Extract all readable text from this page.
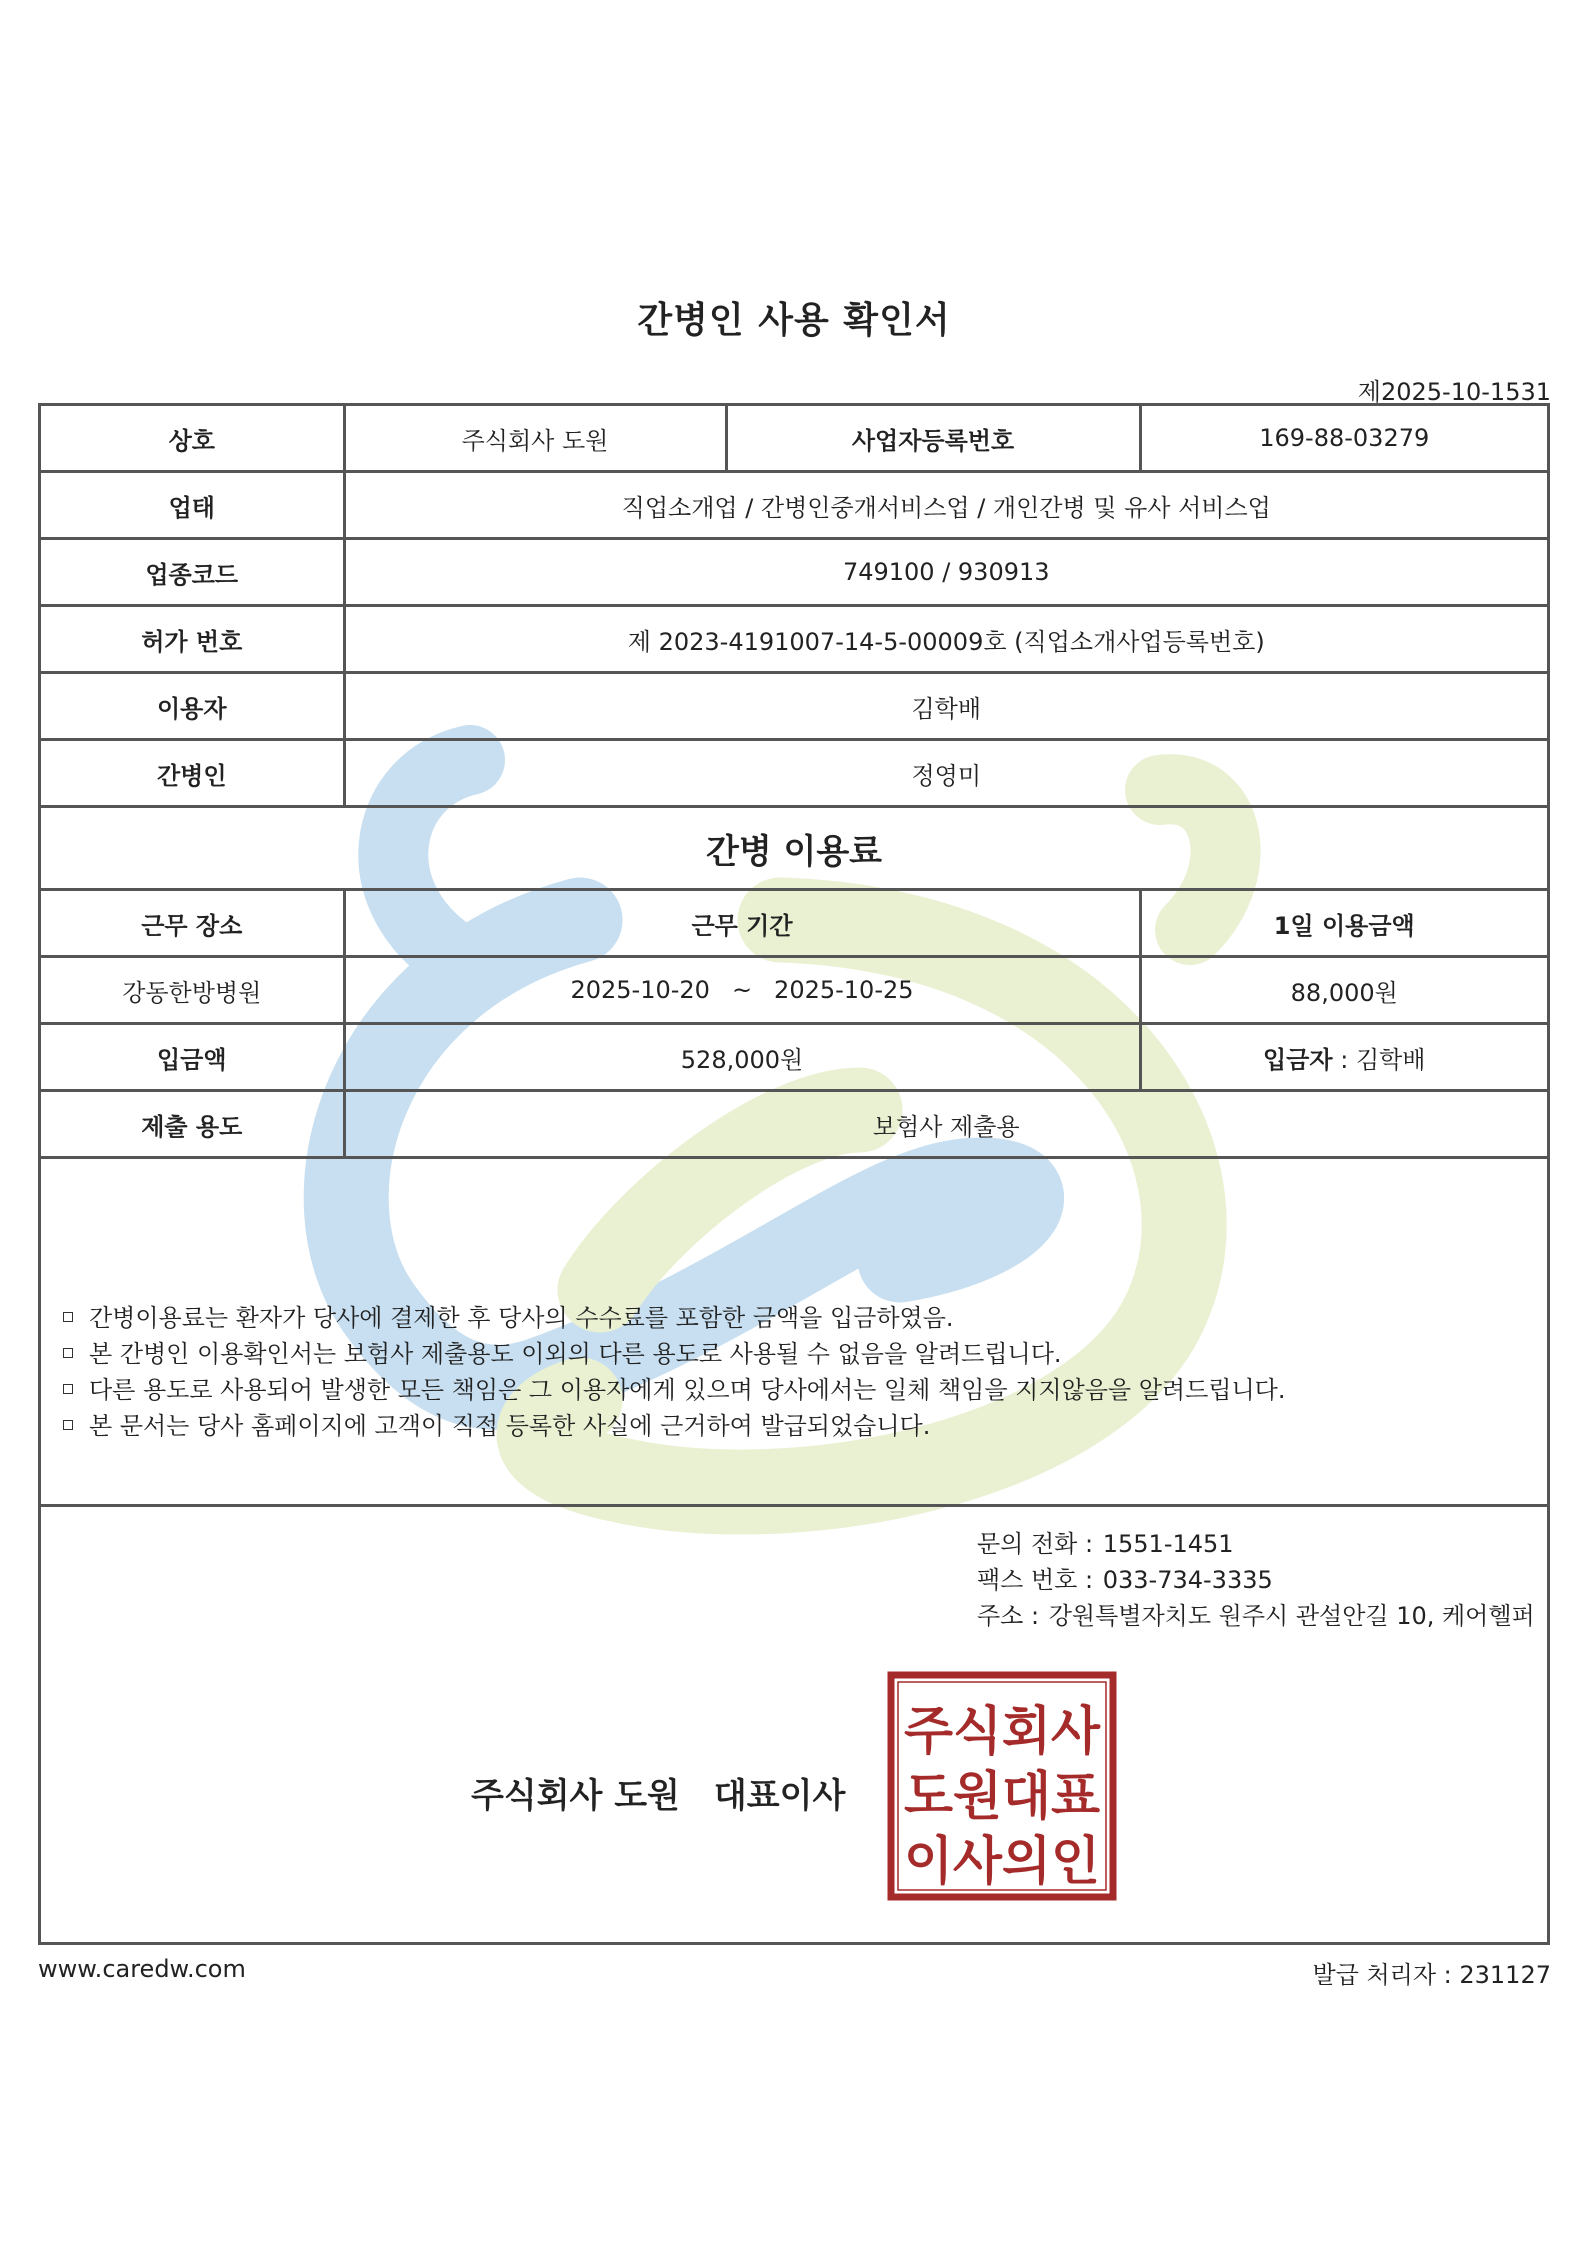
간병인 사용 확인서
제2025-10-1531
상호	주식회사 도원	사업자등록번호	169-88-03279
업태	직업소개업 / 간병인중개서비스업 / 개인간병 및 유사 서비스업		
업종코드	749100 / 930913		
허가 번호	제 2023-4191007-14-5-00009호 (직업소개사업등록번호)		
이용자	김학배		
간병인	정영미		
간병 이용료			
근무 장소	근무 기간		1일 이용금액
강동한방병원	2025-10-20 ~ 2025-10-25		88,000원
입금액	528,000원		입금자 : 김학배
제출 용도	보험사 제출용		
간병이용료는 환자가 당사에 결제한 후 당사의 수수료를 포함한 금액을 입금하였음.
본 간병인 이용확인서는 보험사 제출용도 이외의 다른 용도로 사용될 수 없음을 알려드립니다.
다른 용도로 사용되어 발생한 모든 책임은 그 이용자에게 있으며 당사에서는 일체 책임을 지지않음을 알려드립니다.
본 문서는 당사 홈페이지에 고객이 직접 등록한 사실에 근거하여 발급되었습니다.
문의 전화 : 1551-1451
팩스 번호 : 033-734-3335
주소 : 강원특별자치도 원주시 관설안길 10, 케어헬퍼
주식회사 도원 대표이사
주식회사
도원대표
이사의인
www.caredw.com	발급 처리자 : 231127
